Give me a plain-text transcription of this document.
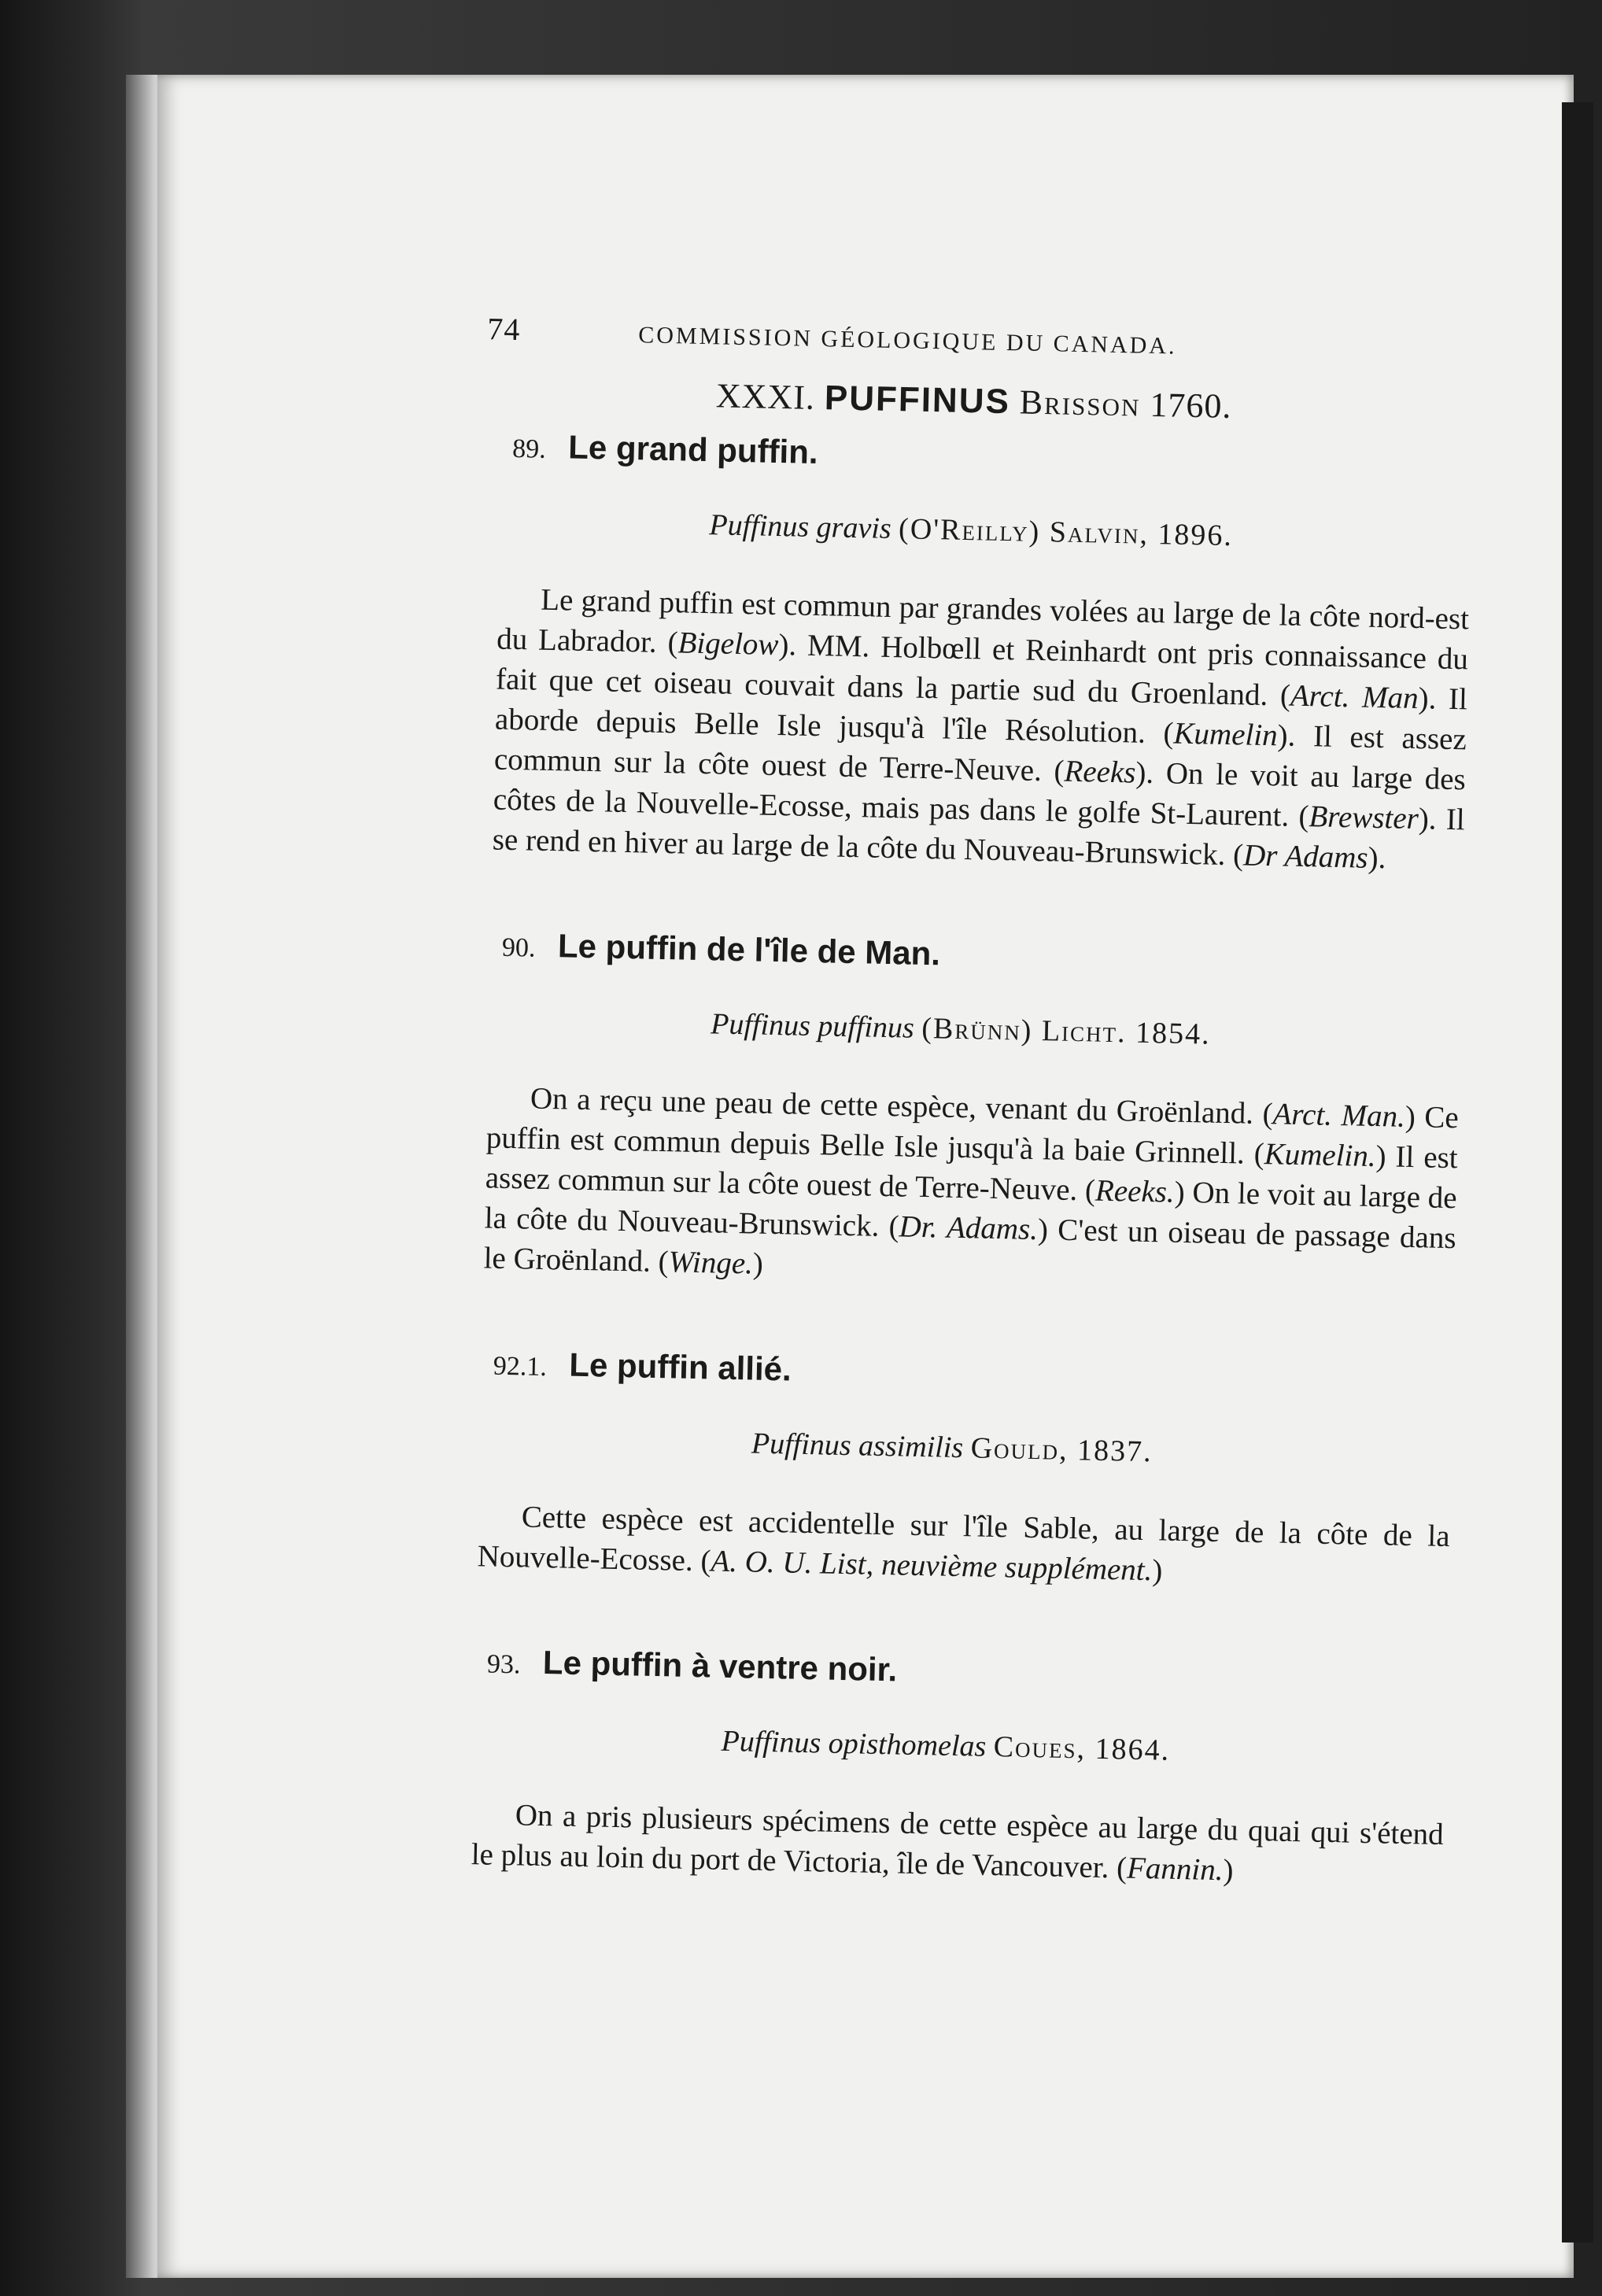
74	COMMISSION GÉOLOGIQUE DU CANADA.
XXXI. PUFFINUS Brisson 1760.
89. Le grand puffin.
Puffinus gravis (O'Reilly) Salvin, 1896.

Le grand puffin est commun par grandes volées au large de la côte nord-est du Labrador. (Bigelow). MM. Holbœll et Reinhardt ont pris connaissance du fait que cet oiseau couvait dans la partie sud du Groenland. (Arct. Man). Il aborde depuis Belle Isle jusqu'à l'île Résolution. (Kumelin). Il est assez commun sur la côte ouest de Terre-Neuve. (Reeks). On le voit au large des côtes de la Nouvelle-Ecosse, mais pas dans le golfe St-Laurent. (Brewster). Il se rend en hiver au large de la côte du Nouveau-Brunswick. (Dr Adams).

90. Le puffin de l'île de Man.
Puffinus puffinus (Brünn) Licht. 1854.

On a reçu une peau de cette espèce, venant du Groënland. (Arct. Man.) Ce puffin est commun depuis Belle Isle jusqu'à la baie Grinnell. (Kumelin.) Il est assez commun sur la côte ouest de Terre-Neuve. (Reeks.) On le voit au large de la côte du Nouveau-Brunswick. (Dr. Adams.) C'est un oiseau de passage dans le Groënland. (Winge.)

92.1. Le puffin allié.
Puffinus assimilis Gould, 1837.

Cette espèce est accidentelle sur l'île Sable, au large de la côte de la Nouvelle-Ecosse. (A. O. U. List, neuvième supplément.)

93. Le puffin à ventre noir.
Puffinus opisthomelas Coues, 1864.

On a pris plusieurs spécimens de cette espèce au large du quai qui s'étend le plus au loin du port de Victoria, île de Vancouver. (Fannin.)
